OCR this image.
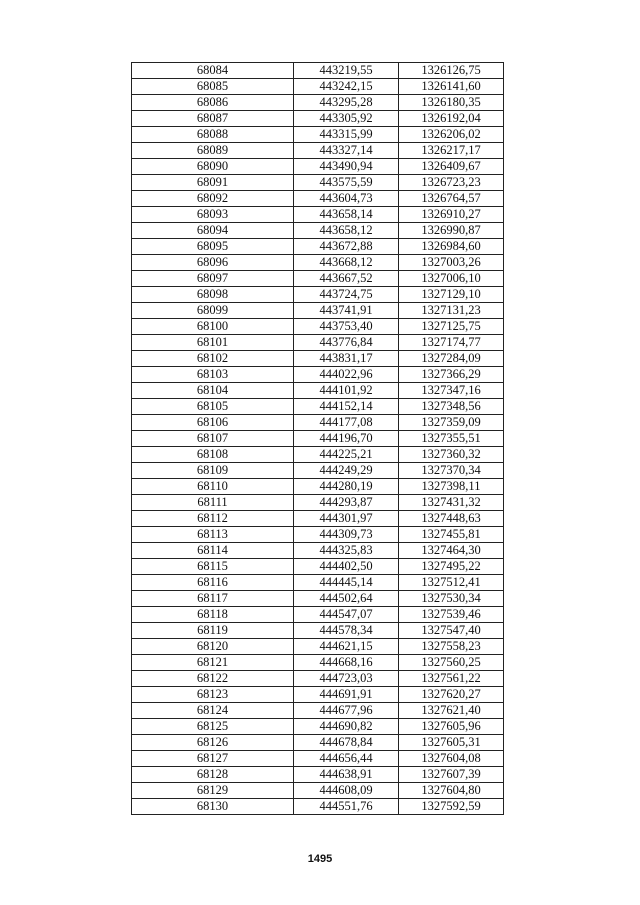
68084	443219,55	1326126,75
68085	443242,15	1326141,60
68086	443295,28	1326180,35
68087	443305,92	1326192,04
68088	443315,99	1326206,02
68089	443327,14	1326217,17
68090	443490,94	1326409,67
68091	443575,59	1326723,23
68092	443604,73	1326764,57
68093	443658,14	1326910,27
68094	443658,12	1326990,87
68095	443672,88	1326984,60
68096	443668,12	1327003,26
68097	443667,52	1327006,10
68098	443724,75	1327129,10
68099	443741,91	1327131,23
68100	443753,40	1327125,75
68101	443776,84	1327174,77
68102	443831,17	1327284,09
68103	444022,96	1327366,29
68104	444101,92	1327347,16
68105	444152,14	1327348,56
68106	444177,08	1327359,09
68107	444196,70	1327355,51
68108	444225,21	1327360,32
68109	444249,29	1327370,34
68110	444280,19	1327398,11
68111	444293,87	1327431,32
68112	444301,97	1327448,63
68113	444309,73	1327455,81
68114	444325,83	1327464,30
68115	444402,50	1327495,22
68116	444445,14	1327512,41
68117	444502,64	1327530,34
68118	444547,07	1327539,46
68119	444578,34	1327547,40
68120	444621,15	1327558,23
68121	444668,16	1327560,25
68122	444723,03	1327561,22
68123	444691,91	1327620,27
68124	444677,96	1327621,40
68125	444690,82	1327605,96
68126	444678,84	1327605,31
68127	444656,44	1327604,08
68128	444638,91	1327607,39
68129	444608,09	1327604,80
68130	444551,76	1327592,59
1495
